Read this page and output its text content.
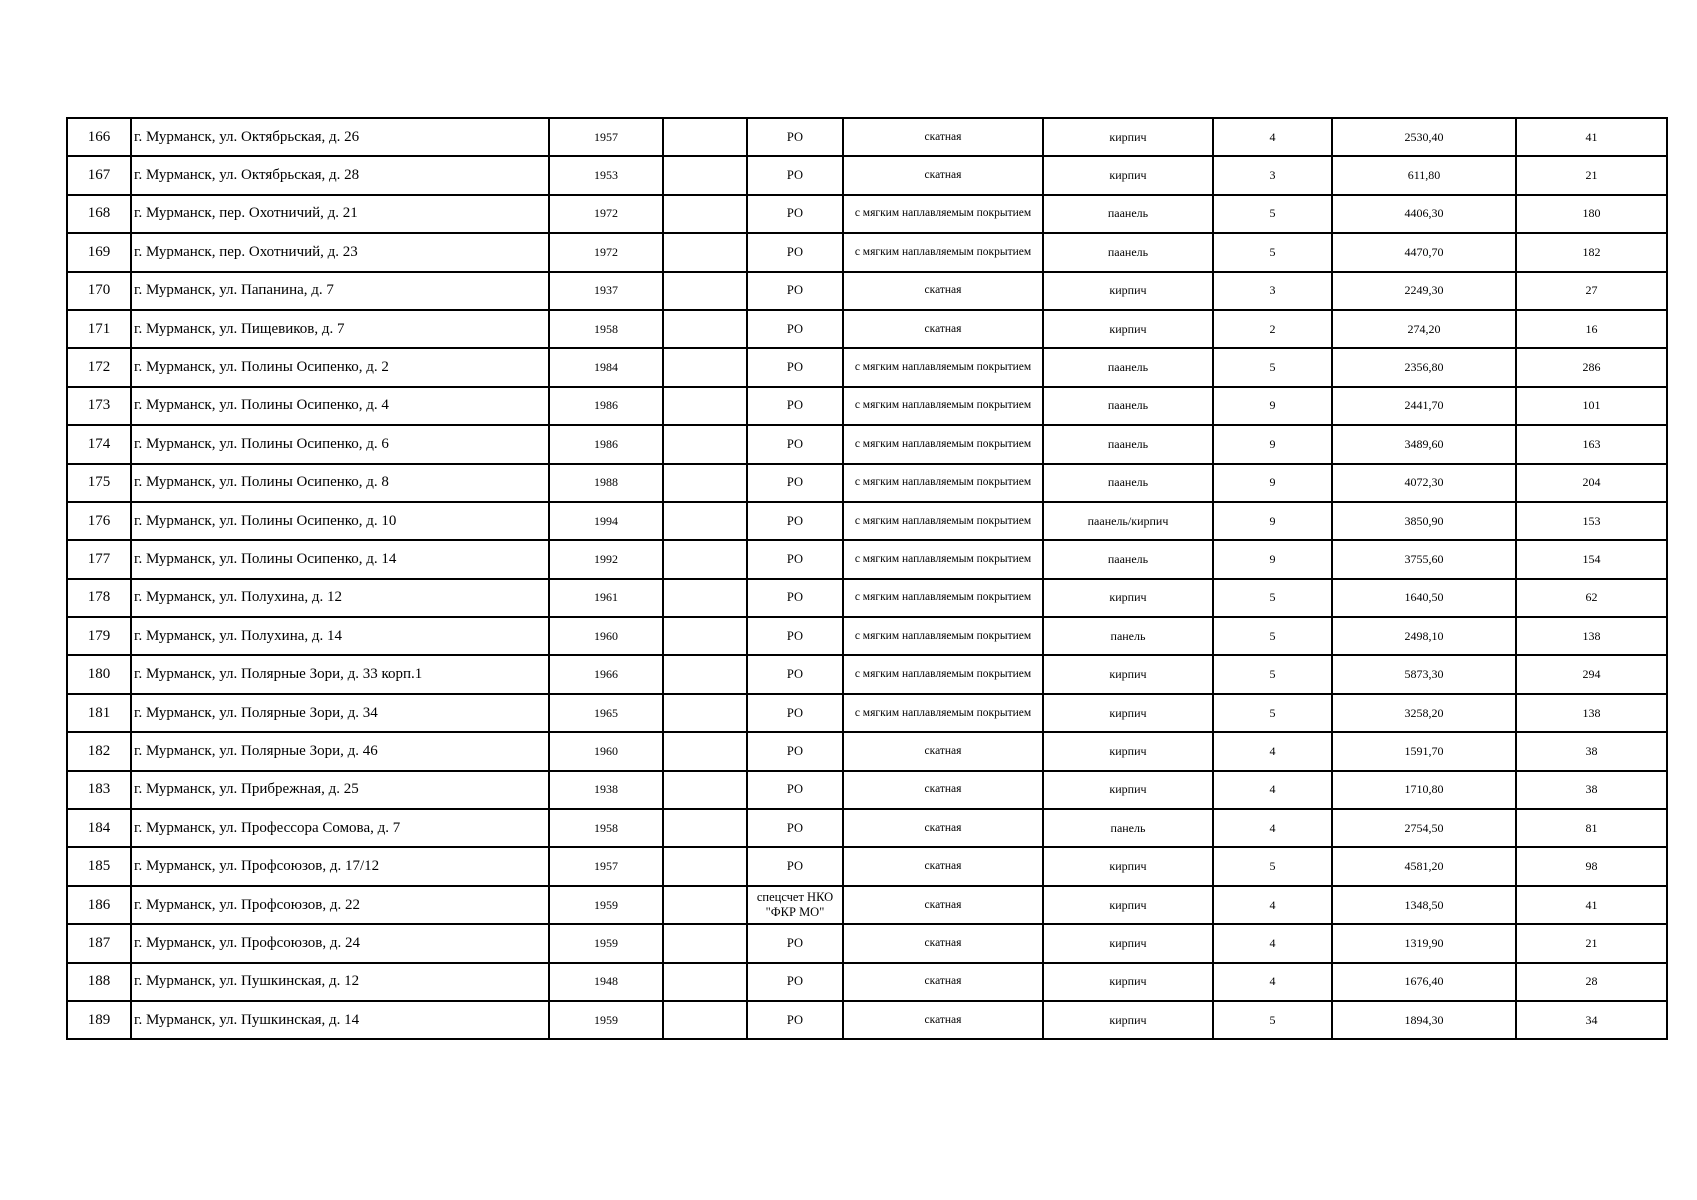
166	г. Мурманск, ул. Октябрьская, д. 26	1957		РО	скатная	кирпич	4	2530,40	41
167	г. Мурманск, ул. Октябрьская, д. 28	1953		РО	скатная	кирпич	3	611,80	21
168	г. Мурманск, пер. Охотничий, д. 21	1972		РО	с мягким наплавляемым покрытием	паанель	5	4406,30	180
169	г. Мурманск, пер. Охотничий, д. 23	1972		РО	с мягким наплавляемым покрытием	паанель	5	4470,70	182
170	г. Мурманск, ул. Папанина, д. 7	1937		РО	скатная	кирпич	3	2249,30	27
171	г. Мурманск, ул. Пищевиков, д. 7	1958		РО	скатная	кирпич	2	274,20	16
172	г. Мурманск, ул. Полины Осипенко, д. 2	1984		РО	с мягким наплавляемым покрытием	паанель	5	2356,80	286
173	г. Мурманск, ул. Полины Осипенко, д. 4	1986		РО	с мягким наплавляемым покрытием	паанель	9	2441,70	101
174	г. Мурманск, ул. Полины Осипенко, д. 6	1986		РО	с мягким наплавляемым покрытием	паанель	9	3489,60	163
175	г. Мурманск, ул. Полины Осипенко, д. 8	1988		РО	с мягким наплавляемым покрытием	паанель	9	4072,30	204
176	г. Мурманск, ул. Полины Осипенко, д. 10	1994		РО	с мягким наплавляемым покрытием	паанель/кирпич	9	3850,90	153
177	г. Мурманск, ул. Полины Осипенко, д. 14	1992		РО	с мягким наплавляемым покрытием	паанель	9	3755,60	154
178	г. Мурманск, ул. Полухина, д. 12	1961		РО	с мягким наплавляемым покрытием	кирпич	5	1640,50	62
179	г. Мурманск, ул. Полухина, д. 14	1960		РО	с мягким наплавляемым покрытием	панель	5	2498,10	138
180	г. Мурманск, ул. Полярные Зори, д. 33 корп.1	1966		РО	с мягким наплавляемым покрытием	кирпич	5	5873,30	294
181	г. Мурманск, ул. Полярные Зори, д. 34	1965		РО	с мягким наплавляемым покрытием	кирпич	5	3258,20	138
182	г. Мурманск, ул. Полярные Зори, д. 46	1960		РО	скатная	кирпич	4	1591,70	38
183	г. Мурманск, ул. Прибрежная, д. 25	1938		РО	скатная	кирпич	4	1710,80	38
184	г. Мурманск, ул. Профессора Сомова, д. 7	1958		РО	скатная	панель	4	2754,50	81
185	г. Мурманск, ул. Профсоюзов, д. 17/12	1957		РО	скатная	кирпич	5	4581,20	98
186	г. Мурманск, ул. Профсоюзов, д. 22	1959		спецсчет НКО "ФКР МО"	скатная	кирпич	4	1348,50	41
187	г. Мурманск, ул. Профсоюзов, д. 24	1959		РО	скатная	кирпич	4	1319,90	21
188	г. Мурманск, ул. Пушкинская, д. 12	1948		РО	скатная	кирпич	4	1676,40	28
189	г. Мурманск, ул. Пушкинская, д. 14	1959		РО	скатная	кирпич	5	1894,30	34
